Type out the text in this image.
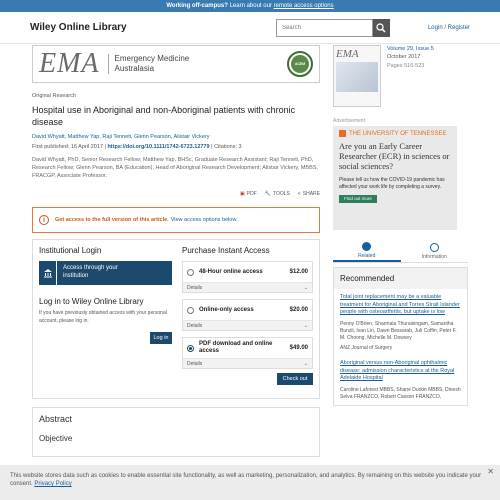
Working off-campus? Learn about our remote access options
Wiley Online Library
Search	Login / Register
EMA Emergency Medicine
Australasia	ACEM
Original Research
Hospital use in Aboriginal and non-Aboriginal patients with chronic disease
David Whyatt, Matthew Yap, Raji Tenneti, Glenn Pearson, Alistair Vickery
First published: 16 April 2017 | https://doi.org/10.1111/1742-6723.12779 | Citations: 3
David Whyatt, PhD, Senior Research Fellow; Matthew Yap, BHSc, Graduate Research Assistant; Raji Tenneti, PhD, Research Fellow; Glenn Pearson, BA (Education), Head of Aboriginal Research Development; Alistair Vickery, MBBS, FRACGP, Associate Professor.
▣ PDF 🔧 TOOLS < SHARE
i	Get access to the full version of this article. View access options below.
Institutional Login
Access through your
institution
Log in to Wiley Online Library
If you have previously obtained access with your personal account, please log in.
Log in
Purchase Instant Access
48-Hour online access	$12.00
Details	⌄
Online-only access	$20.00
Details	⌄
PDF download and online access	$49.00
Details	⌄
Check out
Abstract
Objective
EMA	Volume 29, Issue 5
October 2017
Pages 516-523
Advertisement
THE UNIVERSITY OF TENNESSEE
Are you an Early Career Researcher (ECR) in sciences or social sciences?
Please tell us how the COVID-19 pandemic has affected your work life by completing a survey.
Find out more
Related	Information
Recommended
Total joint replacement may be a valuable treatment for Aboriginal and Torres Strait Islander people with osteoarthritis, but uptake is low
Penny O'Brien, Sharmala Thuraisingam, Samantha Bunzli, Ivan Lin, Dawn Bessarab, Juli Coffin, Peter F. M. Choong, Michelle M. Dowsey
ANZ Journal of Surgery
Aboriginal versus non-Aboriginal ophthalmic disease: admission characteristics at the Royal Adelaide Hospital
Caroline Laforest MBBS, Shane Durkin MBBS, Dinesh Selva FRANZCO, Robert Casson FRANZCO,
This website stores data such as cookies to enable essential site functionality, as well as marketing, personalization, and analytics. By remaining on this website you indicate your consent. Privacy Policy
✕
